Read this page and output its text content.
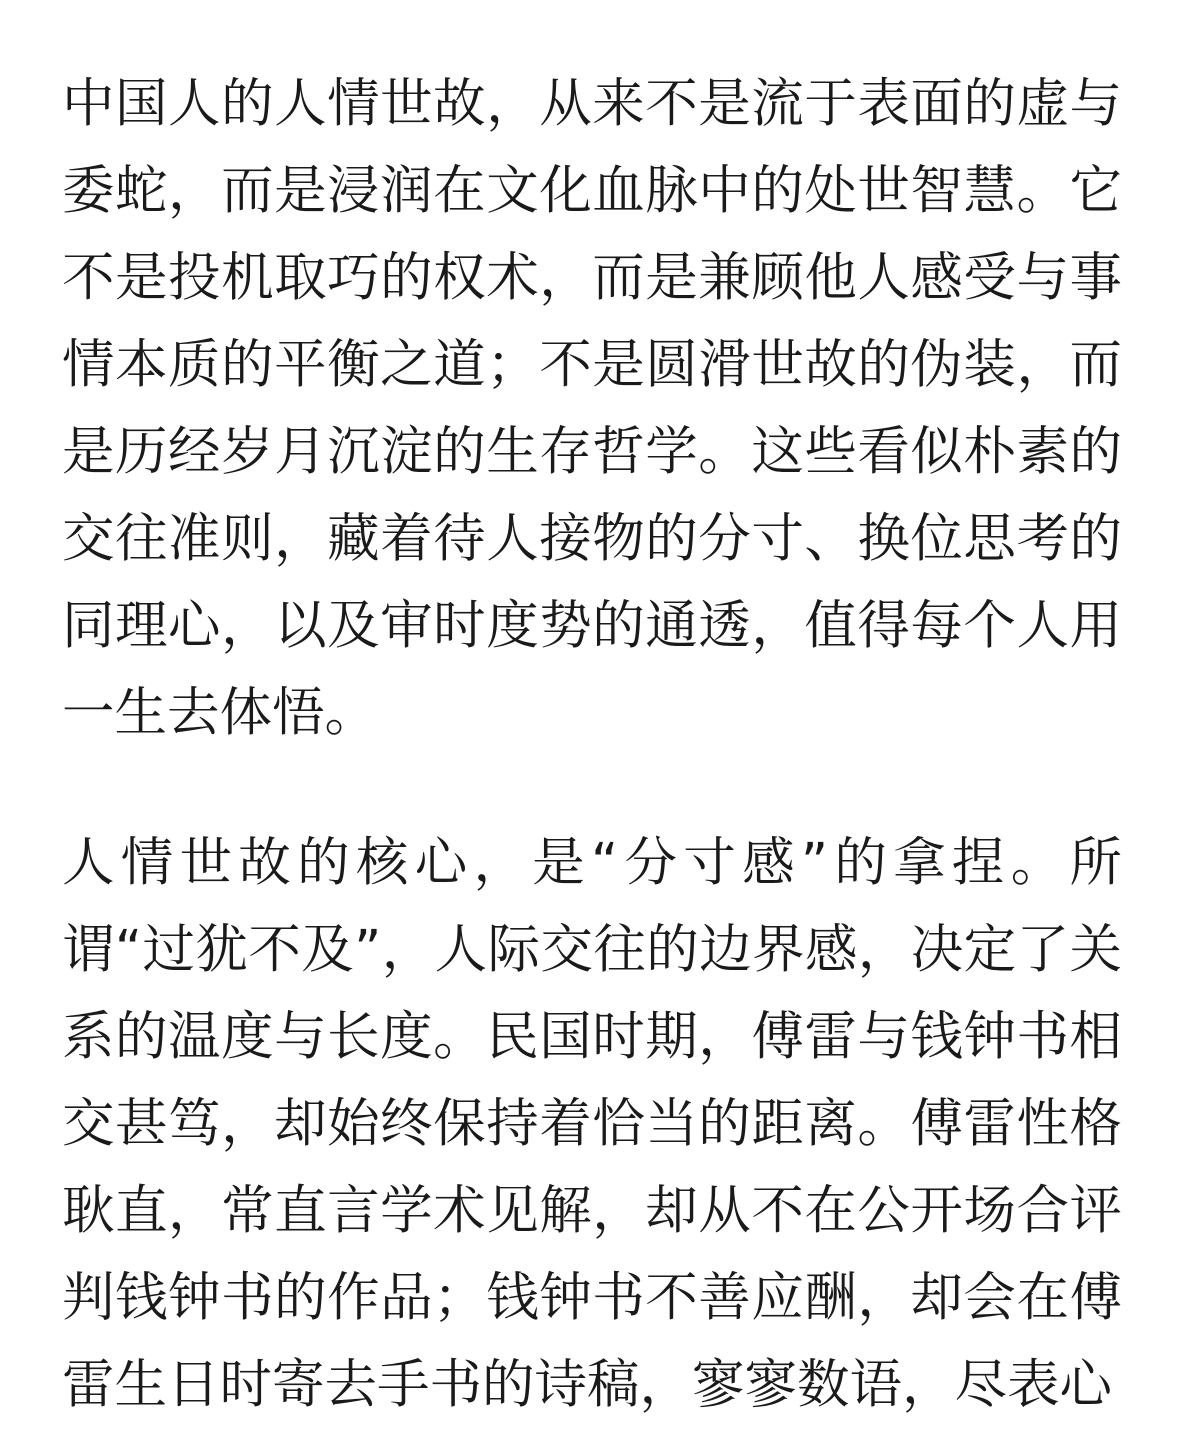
中国人的人情世故，从来不是流于表面的虚与委蛇，而是浸润在文化血脉中的处世智慧。它不是投机取巧的权术，而是兼顾他人感受与事情本质的平衡之道；不是圆滑世故的伪装，而是历经岁月沉淀的生存哲学。这些看似朴素的交往准则，藏着待人接物的分寸、换位思考的同理心，以及审时度势的通透，值得每个人用一生去体悟。

人情世故的核心，是“分寸感”的拿捏。所谓“过犹不及”，人际交往的边界感，决定了关系的温度与长度。民国时期，傅雷与钱钟书相交甚笃，却始终保持着恰当的距离。傅雷性格耿直，常直言学术见解，却从不在公开场合评判钱钟书的作品；钱钟书不善应酬，却会在傅雷生日时寄去手书的诗稿，寥寥数语，尽表心
